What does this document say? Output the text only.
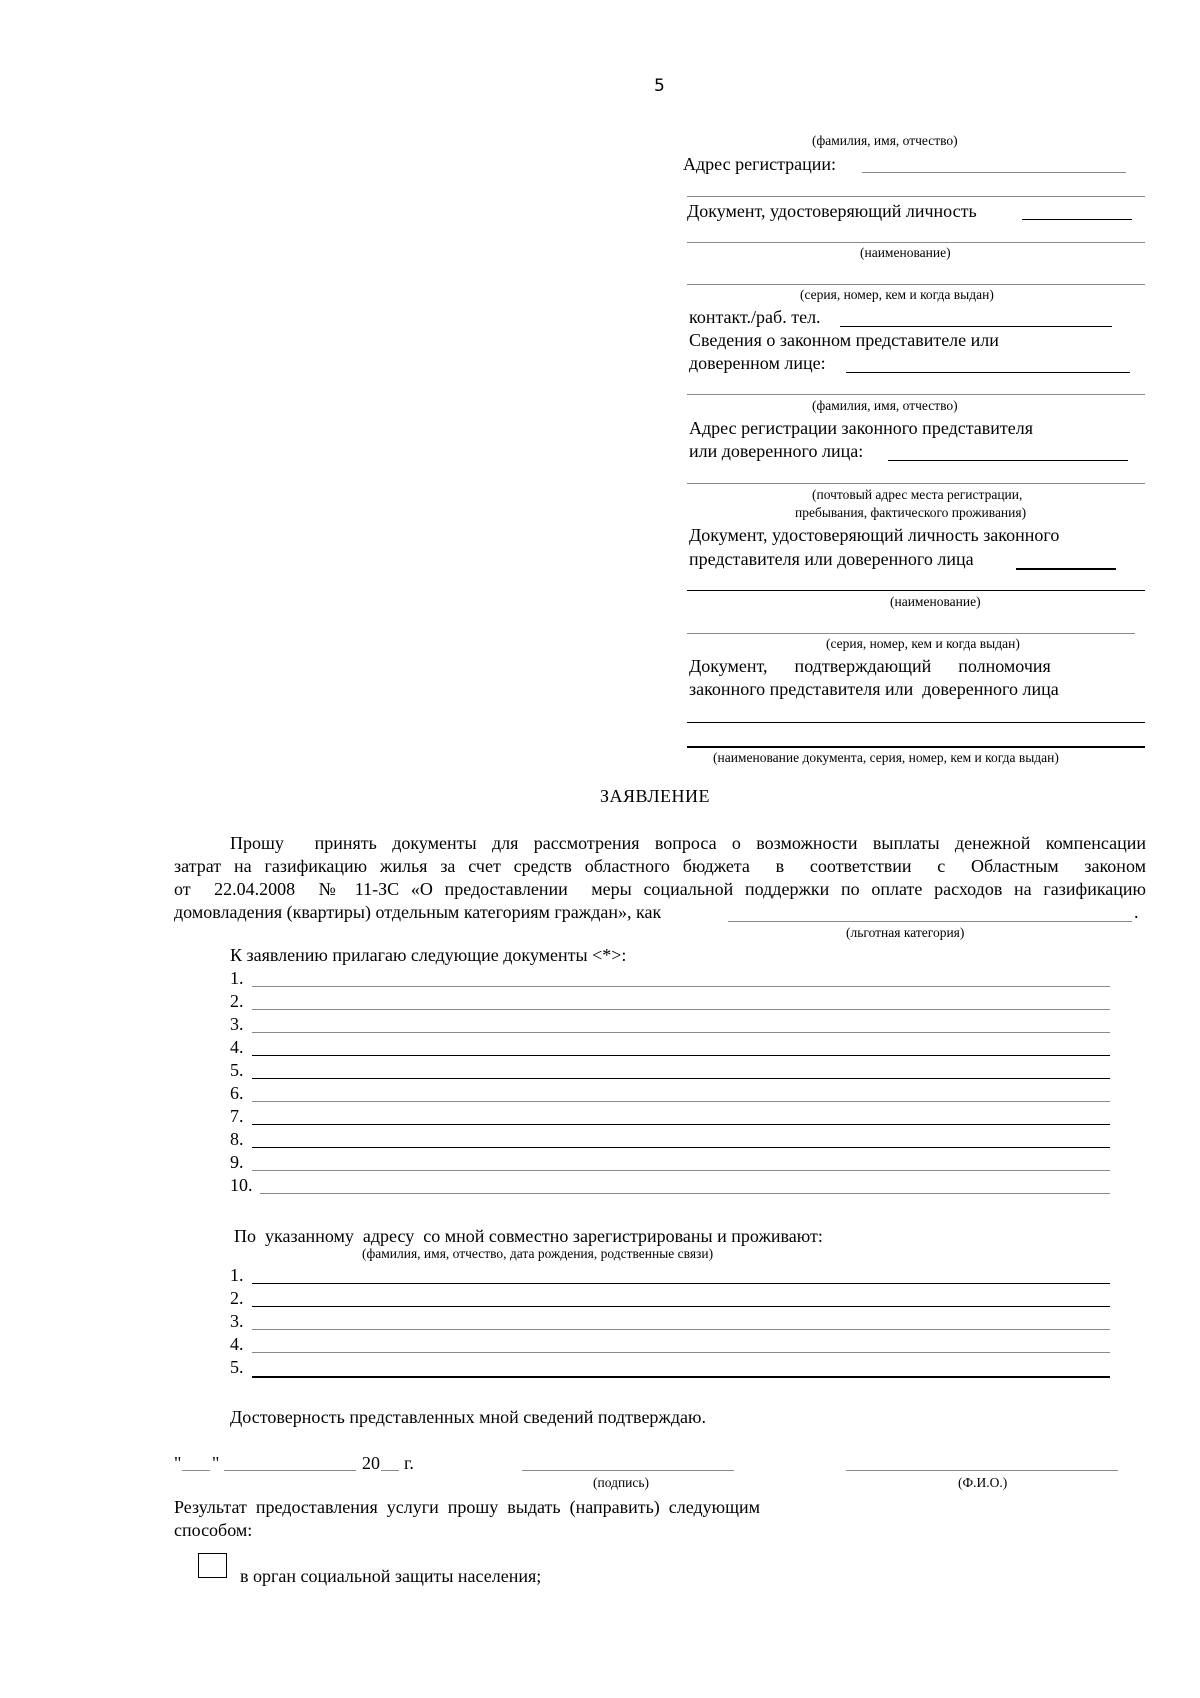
5
(фамилия, имя, отчество)
Адрес регистрации:
Документ, удостоверяющий личность
(наименование)
(серия, номер, кем и когда выдан)
контакт./раб. тел.
Сведения о законном представителе или
доверенном лице:
(фамилия, имя, отчество)
Адрес регистрации законного представителя
или доверенного лица:
(почтовый адрес места регистрации,
пребывания, фактического проживания)
Документ, удостоверяющий личность законного
представителя или доверенного лица
(наименование)
(серия, номер, кем и когда выдан)
Документ,      подтверждающий      полномочия
законного представителя или  доверенного лица
(наименование документа, серия, номер, кем и когда выдан)
ЗАЯВЛЕНИЕ
Прошу  принять документы для рассмотрения вопроса о возможности выплаты денежной компенсации
затрат на газификацию жилья за счет средств областного бюджета  в  соответствии  с  Областным  законом
от  22.04.2008  № 11-ЗС «О предоставлении  меры социальной поддержки по оплате расходов на газификацию
домовладения (квартиры) отдельным категориям граждан», как	.
(льготная категория)
К заявлению прилагаю следующие документы <*>:
1.
2.
3.
4.
5.
6.
7.
8.
9.
10.
По  указанному  адресу  со мной совместно зарегистрированы и проживают:
(фамилия, имя, отчество, дата рождения, родственные связи)
1.
2.
3.
4.
5.
Достоверность представленных мной сведений подтверждаю.
" "	20 г.
(подпись)	(Ф.И.О.)
Результат  предоставления  услуги  прошу  выдать  (направить)  следующим
способом:
в орган социальной защиты населения;
